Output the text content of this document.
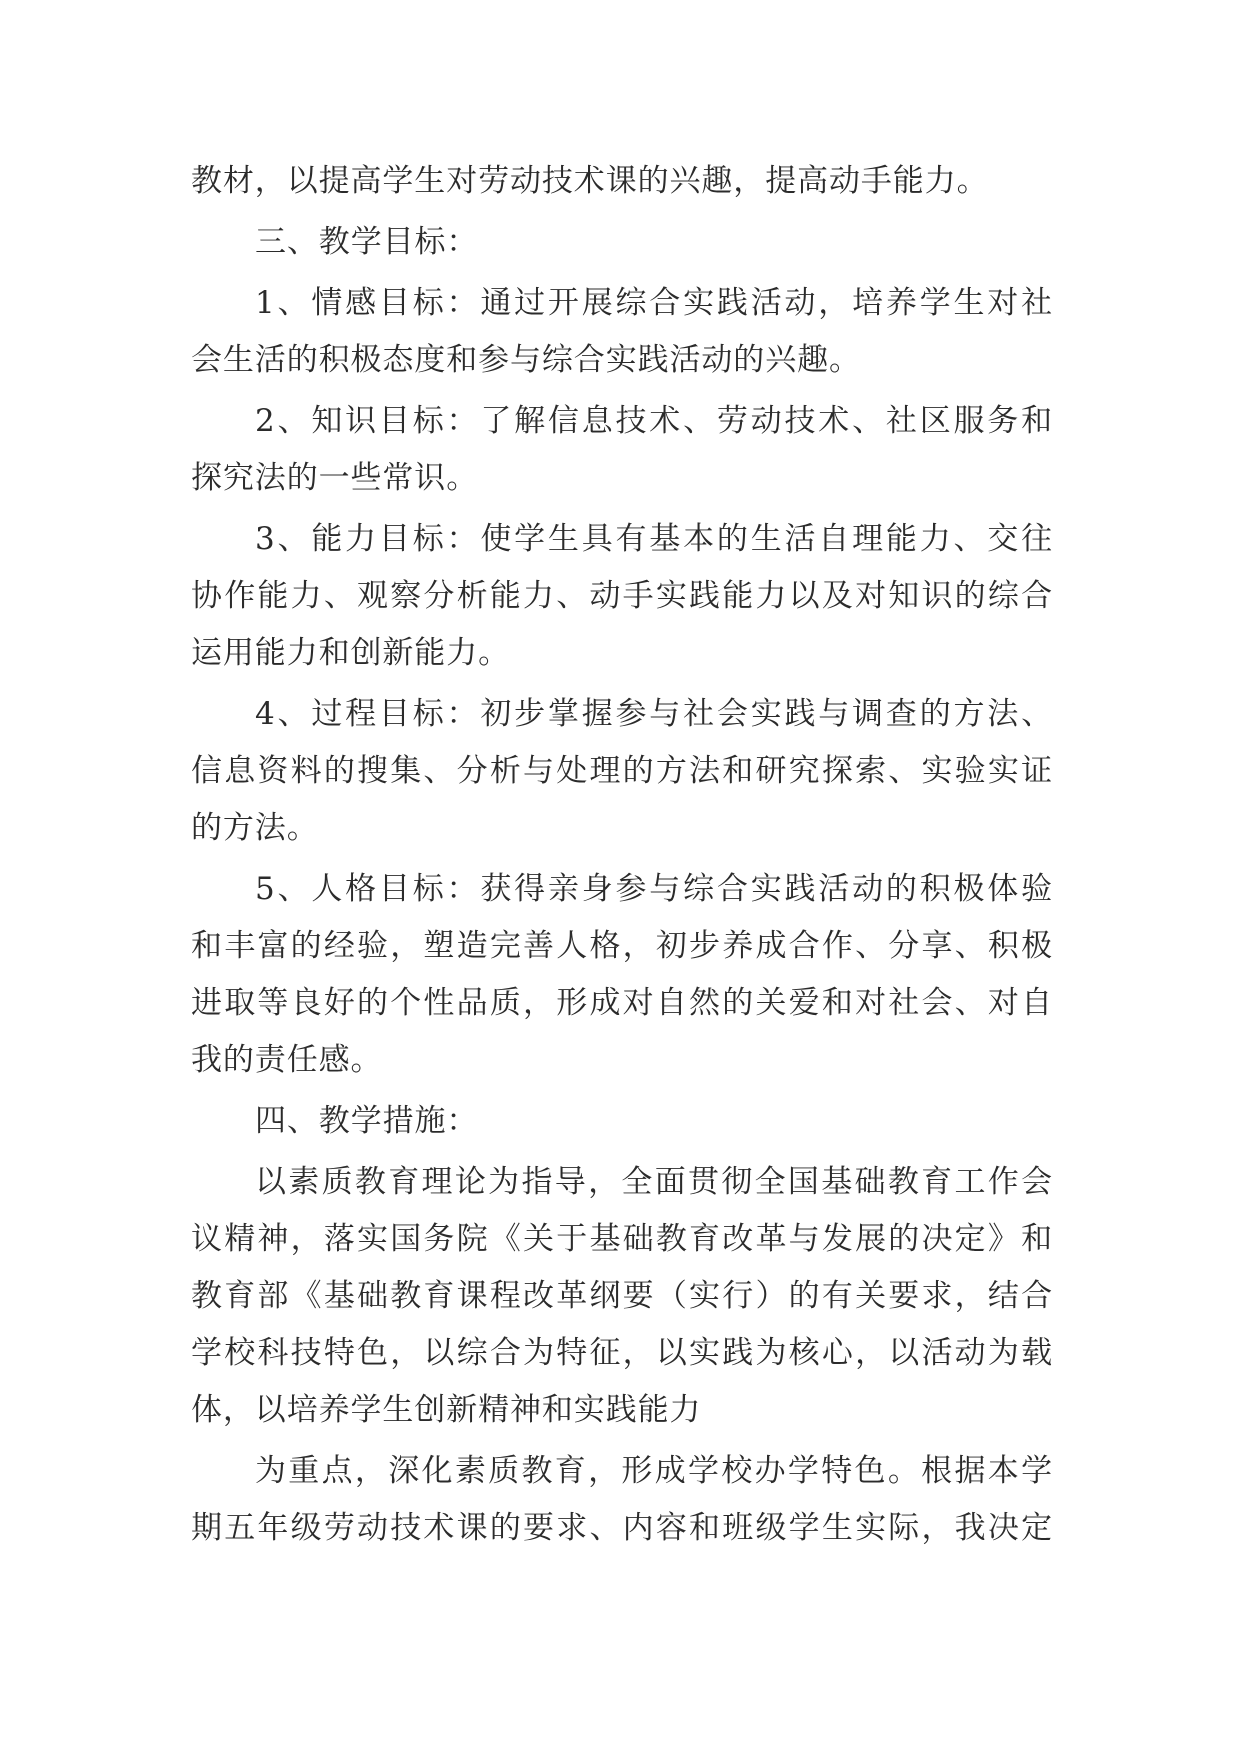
教材，以提高学生对劳动技术课的兴趣，提高动手能力。
三、教学目标：
1、情感目标：通过开展综合实践活动，培养学生对社
会生活的积极态度和参与综合实践活动的兴趣。
2、知识目标：了解信息技术、劳动技术、社区服务和
探究法的一些常识。
3、能力目标：使学生具有基本的生活自理能力、交往
协作能力、观察分析能力、动手实践能力以及对知识的综合
运用能力和创新能力。
4、过程目标：初步掌握参与社会实践与调查的方法、
信息资料的搜集、分析与处理的方法和研究探索、实验实证
的方法。
5、人格目标：获得亲身参与综合实践活动的积极体验
和丰富的经验，塑造完善人格，初步养成合作、分享、积极
进取等良好的个性品质，形成对自然的关爱和对社会、对自
我的责任感。
四、教学措施：
以素质教育理论为指导，全面贯彻全国基础教育工作会
议精神，落实国务院《关于基础教育改革与发展的决定》和
教育部《基础教育课程改革纲要（实行）的有关要求，结合
学校科技特色，以综合为特征，以实践为核心，以活动为载
体，以培养学生创新精神和实践能力
为重点，深化素质教育，形成学校办学特色。根据本学
期五年级劳动技术课的要求、内容和班级学生实际，我决定
